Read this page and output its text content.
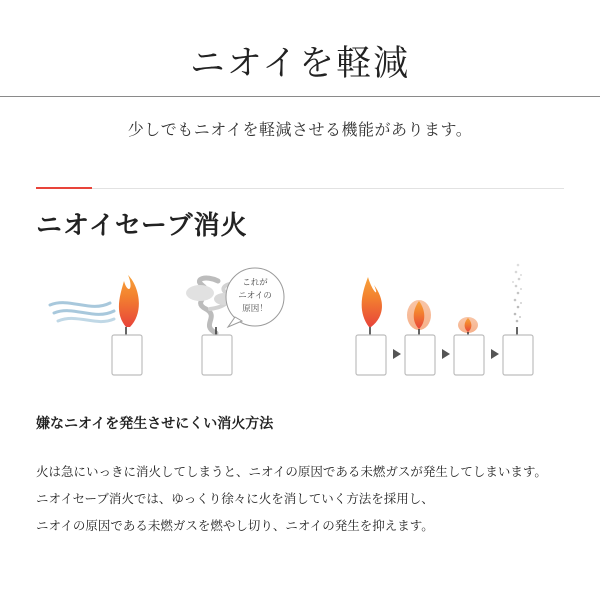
ニオイを軽減
少しでもニオイを軽減させる機能があります。
ニオイセーブ消火
これが
ニオイの
原因！
嫌なニオイを発生させにくい消火方法
火は急にいっきに消火してしまうと、ニオイの原因である未燃ガスが発生してしまいます。
ニオイセーブ消火では、ゆっくり徐々に火を消していく方法を採用し、
ニオイの原因である未燃ガスを燃やし切り、ニオイの発生を抑えます。
